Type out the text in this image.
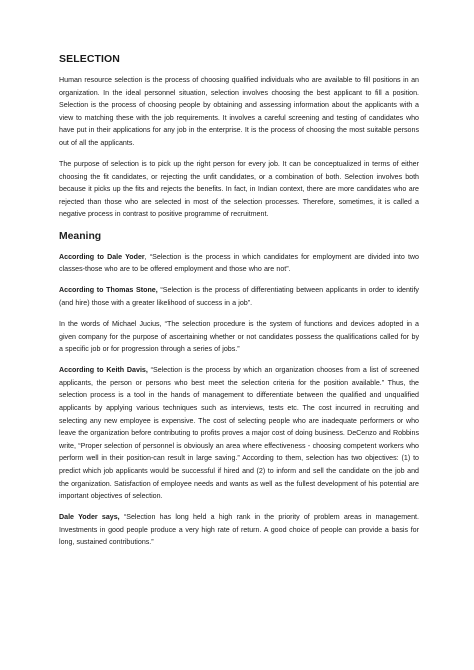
SELECTION

Human resource selection is the process of choosing qualified individuals who are available to fill positions in an organization. In the ideal personnel situation, selection involves choosing the best applicant to fill a position. Selection is the process of choosing people by obtaining and assessing information about the applicants with a view to matching these with the job requirements. It involves a careful screening and testing of candidates who have put in their applications for any job in the enterprise. It is the process of choosing the most suitable persons out of all the applicants.

The purpose of selection is to pick up the right person for every job. It can be conceptualized in terms of either choosing the fit candidates, or rejecting the unfit candidates, or a combination of both. Selection involves both because it picks up the fits and rejects the benefits. In fact, in Indian context, there are more candidates who are rejected than those who are selected in most of the selection processes. Therefore, sometimes, it is called a negative process in contrast to positive programme of recruitment.

Meaning

According to Dale Yoder, “Selection is the process in which candidates for employment are divided into two classes-those who are to be offered employment and those who are not”.

According to Thomas Stone, “Selection is the process of differentiating between applicants in order to identify (and hire) those with a greater likelihood of success in a job”.

In the words of Michael Jucius, “The selection procedure is the system of functions and devices adopted in a given company for the purpose of ascertaining whether or not candidates possess the qualifications called for by a specific job or for progression through a series of jobs.”

According to Keith Davis, “Selection is the process by which an organization chooses from a list of screened applicants, the person or persons who best meet the selection criteria for the position available.” Thus, the selection process is a tool in the hands of management to differentiate between the qualified and unqualified applicants by applying various techniques such as interviews, tests etc. The cost incurred in recruiting and selecting any new employee is expensive. The cost of selecting people who are inadequate performers or who leave the organization before contributing to profits proves a major cost of doing business. DeCenzo and Robbins write, “Proper selection of personnel is obviously an area where effectiveness - choosing competent workers who perform well in their position-can result in large saving.” According to them, selection has two objectives: (1) to predict which job applicants would be successful if hired and (2) to inform and sell the candidate on the job and the organization. Satisfaction of employee needs and wants as well as the fullest development of his potential are important objectives of selection.

Dale Yoder says, “Selection has long held a high rank in the priority of problem areas in management. Investments in good people produce a very high rate of return. A good choice of people can provide a basis for long, sustained contributions.”
